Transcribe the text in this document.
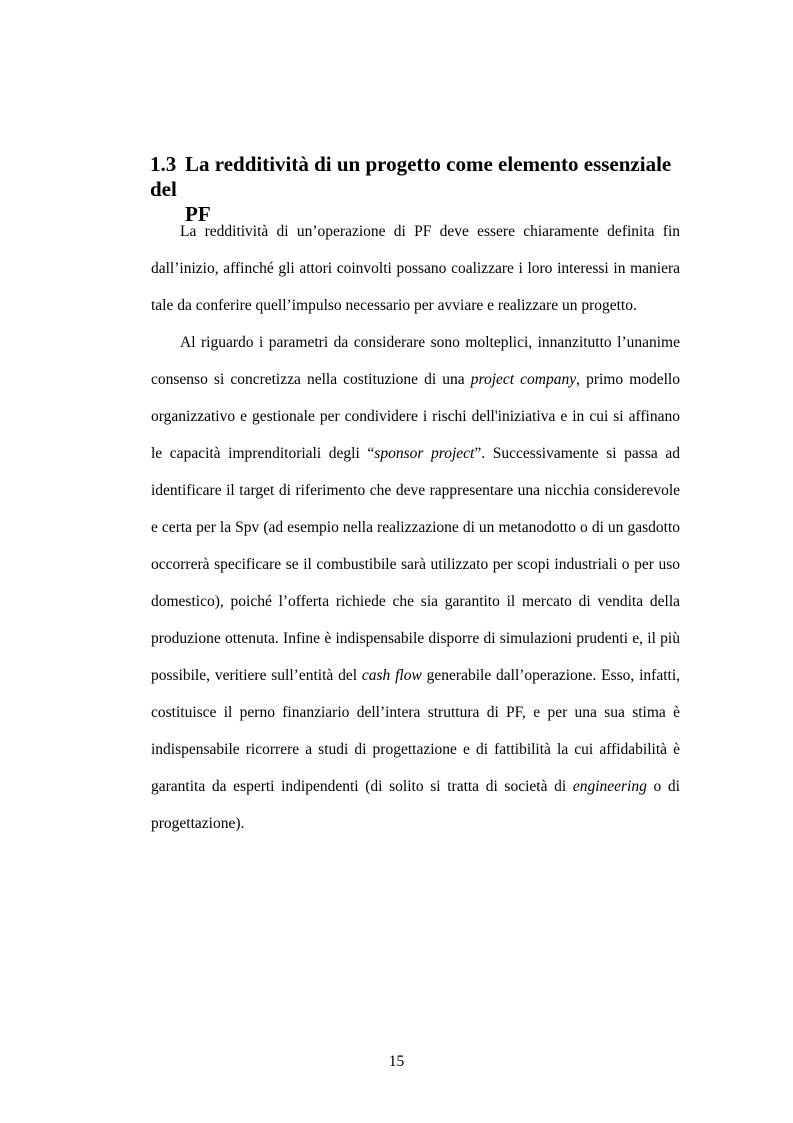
1.3 La redditività di un progetto come elemento essenziale del
PF

La redditività di un’operazione di PF deve essere chiaramente definita fin dall’inizio, affinché gli attori coinvolti possano coalizzare i loro interessi in maniera tale da conferire quell’impulso necessario per avviare e realizzare un progetto.

Al riguardo i parametri da considerare sono molteplici, innanzitutto l’unanime consenso si concretizza nella costituzione di una project company, primo modello organizzativo e gestionale per condividere i rischi dell'iniziativa e in cui si affinano le capacità imprenditoriali degli “sponsor project”. Successivamente si passa ad identificare il target di riferimento che deve rappresentare una nicchia considerevole e certa per la Spv (ad esempio nella realizzazione di un metanodotto o di un gasdotto occorrerà specificare se il combustibile sarà utilizzato per scopi industriali o per uso domestico), poiché l’offerta richiede che sia garantito il mercato di vendita della produzione ottenuta. Infine è indispensabile disporre di simulazioni prudenti e, il più possibile, veritiere sull’entità del cash flow generabile dall’operazione. Esso, infatti, costituisce il perno finanziario dell’intera struttura di PF, e per una sua stima è indispensabile ricorrere a studi di progettazione e di fattibilità la cui affidabilità è garantita da esperti indipendenti (di solito si tratta di società di engineering o di progettazione).

15
